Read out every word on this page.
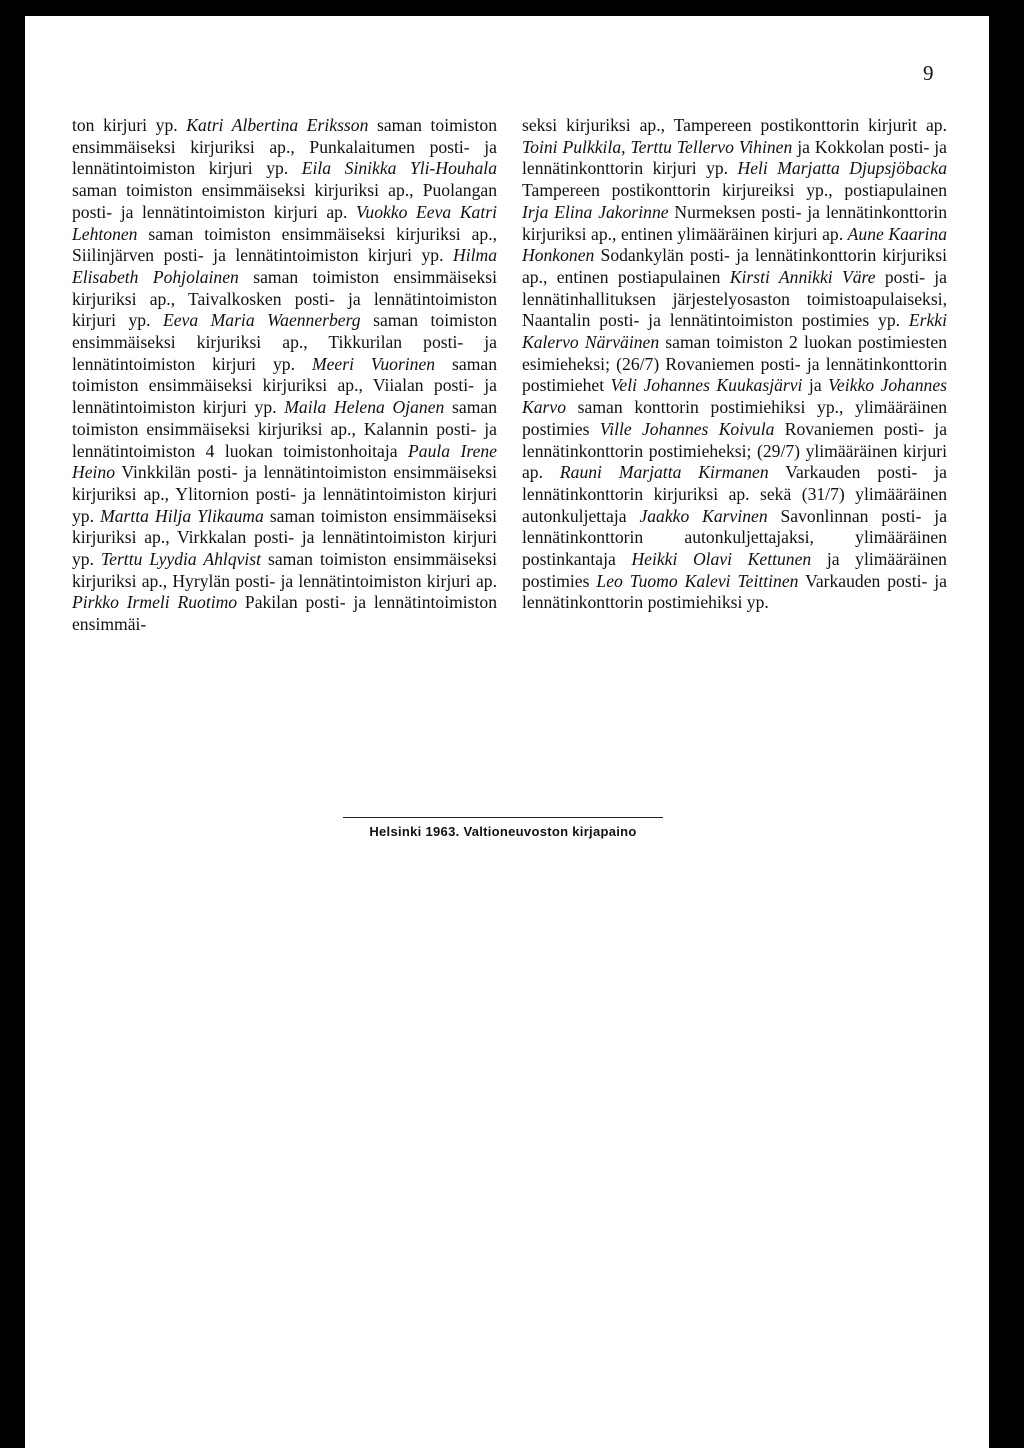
9
ton kirjuri yp. Katri Albertina Eriksson saman toimiston ensimmäiseksi kirjuriksi ap., Punkalaitumen posti- ja lennätintoimiston kirjuri yp. Eila Sinikka Yli-Houhala saman toimiston ensimmäiseksi kirjuriksi ap., Puolangan posti- ja lennätintoimiston kirjuri ap. Vuokko Eeva Katri Lehtonen saman toimiston ensimmäiseksi kirjuriksi ap., Siilinjärven posti- ja lennätintoimiston kirjuri yp. Hilma Elisabeth Pohjolainen saman toimiston ensimmäiseksi kirjuriksi ap., Taivalkosken posti- ja lennätintoimiston kirjuri yp. Eeva Maria Waennerberg saman toimiston ensimmäiseksi kirjuriksi ap., Tikkurilan posti- ja lennätintoimiston kirjuri yp. Meeri Vuorinen saman toimiston ensimmäiseksi kirjuriksi ap., Viialan posti- ja lennätintoimiston kirjuri yp. Maila Helena Ojanen saman toimiston ensimmäiseksi kirjuriksi ap., Kalannin posti- ja lennätintoimiston 4 luokan toimistonhoitaja Paula Irene Heino Vinkkilän posti- ja lennätintoimiston ensimmäiseksi kirjuriksi ap., Ylitornion posti- ja lennätintoimiston kirjuri yp. Martta Hilja Ylikauma saman toimiston ensimmäiseksi kirjuriksi ap., Virkkalan posti- ja lennätintoimiston kirjuri yp. Terttu Lyydia Ahlqvist saman toimiston ensimmäiseksi kirjuriksi ap., Hyrylän posti- ja lennätintoimiston kirjuri ap. Pirkko Irmeli Ruotimo Pakilan posti- ja lennätintoimiston ensimmäi-
seksi kirjuriksi ap., Tampereen postikonttorin kirjurit ap. Toini Pulkkila, Terttu Tellervo Vihinen ja Kokkolan posti- ja lennätinkonttorin kirjuri yp. Heli Marjatta Djupsjöbacka Tampereen postikonttorin kirjureiksi yp., postiapulainen Irja Elina Jakorinne Nurmeksen posti- ja lennätinkonttorin kirjuriksi ap., entinen ylimääräinen kirjuri ap. Aune Kaarina Honkonen Sodankylän posti- ja lennätinkonttorin kirjuriksi ap., entinen postiapulainen Kirsti Annikki Väre posti- ja lennätinhallituksen järjestelyosaston toimistoapulaiseksi, Naantalin posti- ja lennätintoimiston postimies yp. Erkki Kalervo Närväinen saman toimiston 2 luokan postimiesten esimieheksi; (26/7) Rovaniemen posti- ja lennätinkonttorin postimiehet Veli Johannes Kuukasjärvi ja Veikko Johannes Karvo saman konttorin postimiehiksi yp., ylimääräinen postimies Ville Johannes Koivula Rovaniemen posti- ja lennätinkonttorin postimieheksi; (29/7) ylimääräinen kirjuri ap. Rauni Marjatta Kirmanen Varkauden posti- ja lennätinkonttorin kirjuriksi ap. sekä (31/7) ylimääräinen autonkuljettaja Jaakko Karvinen Savonlinnan posti- ja lennätinkonttorin autonkuljettajaksi, ylimääräinen postinkantaja Heikki Olavi Kettunen ja ylimääräinen postimies Leo Tuomo Kalevi Teittinen Varkauden posti- ja lennätinkonttorin postimiehiksi yp.
Helsinki 1963. Valtioneuvoston kirjapaino
